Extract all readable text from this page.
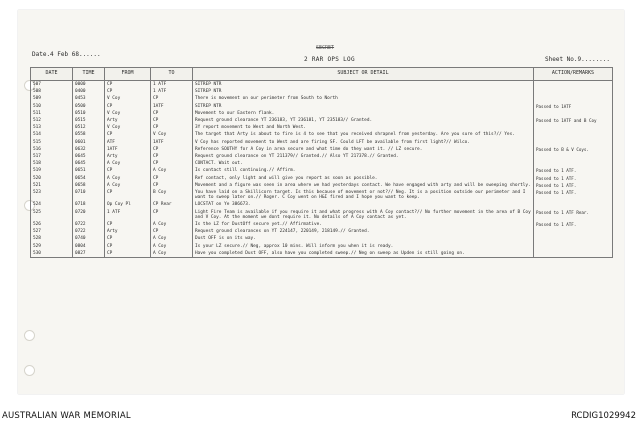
SECRET
2 RAR OPS LOG
Date.4 Feb 68......
Sheet No.9........
DATE	TIME	FROM	TO	SUBJECT OR DETAIL	ACTION/REMARKS
507	0000	CP	1 ATF	SITREP NTR	
508	0400	CP	1 ATF	SITREP NTR	
509	0453	V Coy	CP	There is movement on our perimeter from South to North	
510	0500	CP	1ATF	SITREP NTR	Passed to 1ATF
511	0510	V Coy	CP	Movement to our Eastern flank.	
512	0515	Arty	CP	Request ground clearance YT 236183, YT 236181, YT 235183// Granted.	Passed to 1ATF and B Coy
513	0512	V Coy	CP	3Y report movement to West and North West.	
514	0558	CP	V Coy	The target that Arty is about to fire is 4 to see that you received shrapnel from yesterday. Are you sure of this?// Yes.	
515	0601	ATF	1ATF	V Coy has reported movement to West and are firing SF. Could LFT be available from first light?// Wilco.	
516	0632	1ATF	CP	Reference SOUTHY for A Coy in area secure and what time do they want it. // LZ secure.	Passed to B & V Coys.
517	0645	Arty	CP	Request ground clearance on YT 211379// Granted.// Also YT 217378.// Granted.	
518	0645	A Coy	CP	CONTACT. Wait out.	
519	0651	CP	A Coy	Is contact still continuing.// Affirm.	Passed to 1 ATF.
520	0654	A Coy	CP	Ref contact, only light and will give you report as soon as possible.	Passed to 1 ATF.
521	0658	A Coy	CP	Movement and a figure was seen in area where we had yesterdays contact. We have engaged with arty and will be sweeping shortly.	Passed to 1 ATF.
523	0710	CP	B Coy	You have laid on a Skillicorn target. Is this because of movement or not?// Neg. It is a position outside our perimeter and I want to sweep later on.// Roger. C Coy went on H&I fired and I hope you want to keep.	Passed to 1 ATF.
524	0718	Op Coy Pl	CP Rear	LOCSTAT on Ye 386673.	
525	0720	1 ATF	CP	Light Fire Team is available if you require it and what progress with A Coy contact?// No further movement in the area of B Coy and V Coy. At the moment we dont require it. No details of A Coy contact as yet.	Passed to 1 ATF Rear.
526	0722	CP	A Coy	Is the LZ for DustOff secure yet.// Affirmative.	Passed to 1 ATF.
527	0722	Arty	CP	Request ground clearances on YT 224147, 220149, 218149.// Granted.	
528	0740	CP	A Coy	Dust OFF is on its way.	
529	0804	CP	A Coy	Is your LZ secure.// Neg, approx 10 mins. Will inform you when it is ready.	
530	0827	CP	A Coy	Have you completed Dust OFF, also have you completed sweep.// Neg on sweep as Upden is still going on.	
AUSTRALIAN WAR MEMORIAL	RCDIG1029942
